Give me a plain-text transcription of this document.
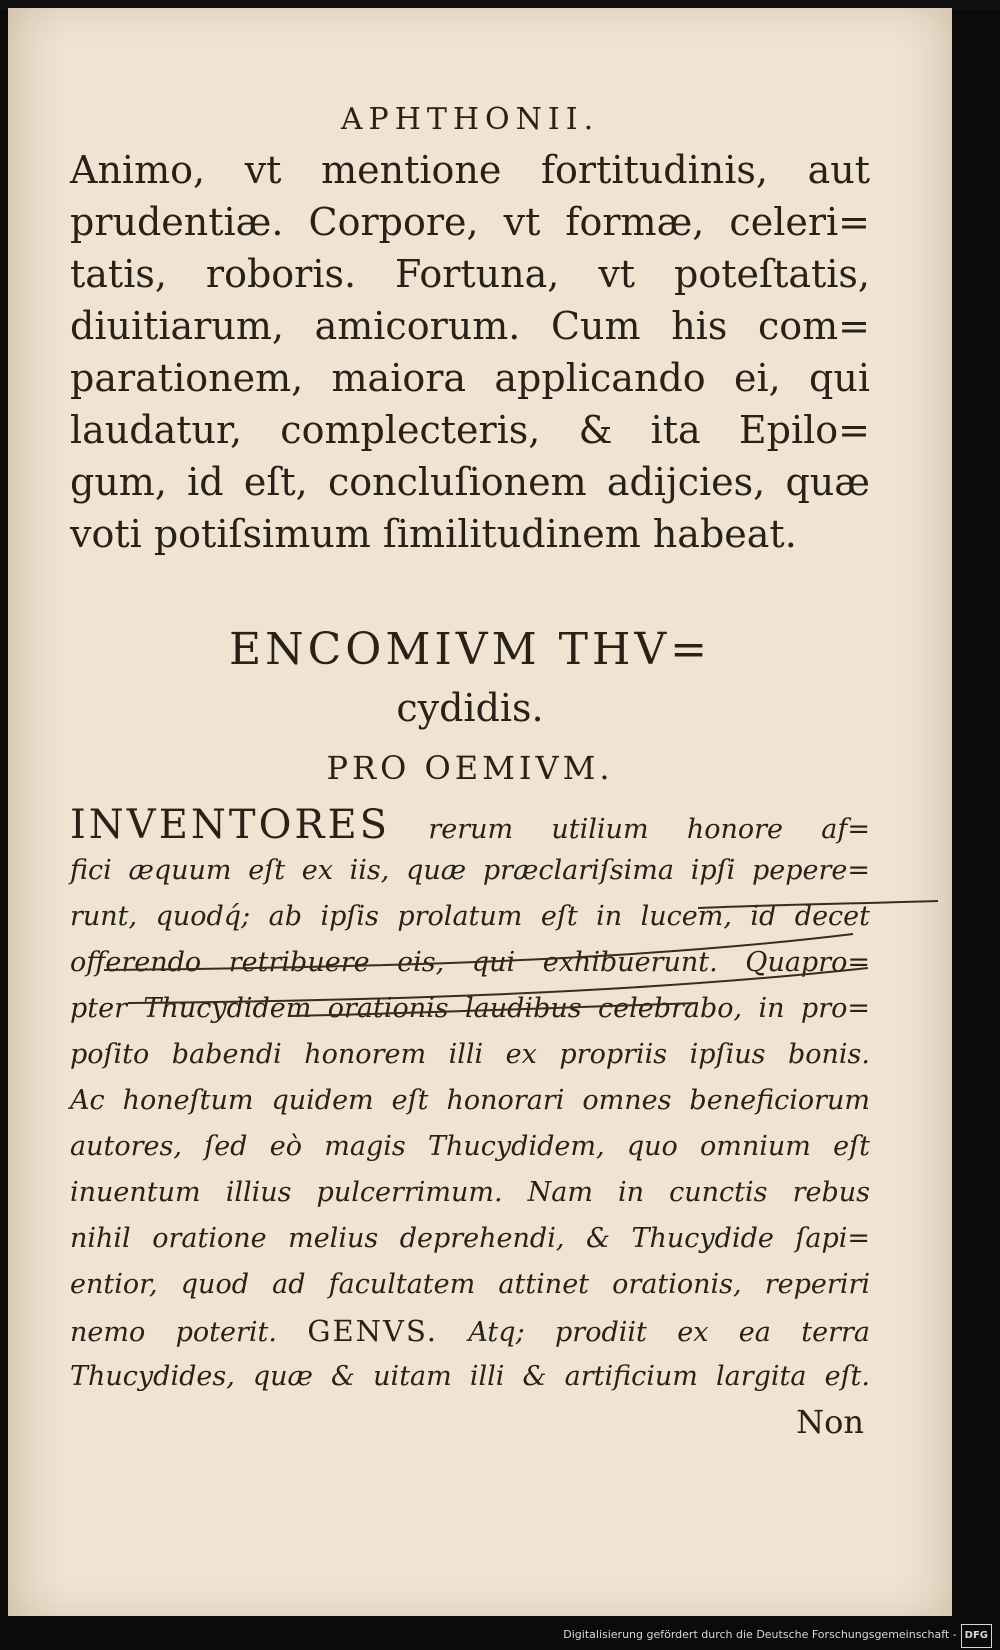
APHTHONII.
Animo, vt mentione fortitudinis, aut
prudentiæ. Corpore, vt formæ, celeri=
tatis, roboris. Fortuna, vt poteſtatis,
diuitiarum, amicorum. Cum his com=
parationem, maiora applicando ei, qui
laudatur, complecteris, & ita Epilo=
gum, id eſt, concluſionem adijcies, quæ
voti potiſsimum ſimilitudinem habeat.
ENCOMIVM THV=
cydidis.
PRO OEMIVM.
INVENTORES rerum utilium honore af=
fici æquum eſt ex iis, quæ præclariſsima ipſi pepere=
runt, quodq́; ab ipſis prolatum eſt in lucem, id decet
offerendo retribuere eis, qui exhibuerunt. Quapro=
pter Thucydidem orationis laudibus celebrabo, in pro=
poſito babendi honorem illi ex propriis ipſius bonis.
Ac honeſtum quidem eſt honorari omnes beneficiorum
autores, ſed eò magis Thucydidem, quo omnium eſt
inuentum illius pulcerrimum. Nam in cunctis rebus
nihil oratione melius deprehendi, & Thucydide ſapi=
entior, quod ad facultatem attinet orationis, reperiri
nemo poterit. GENVS. Atq; prodiit ex ea terra
Thucydides, quæ & uitam illi & artificium largita eſt.
Non
Digitalisierung gefördert durch die Deutsche Forschungsgemeinschaft - DFG
